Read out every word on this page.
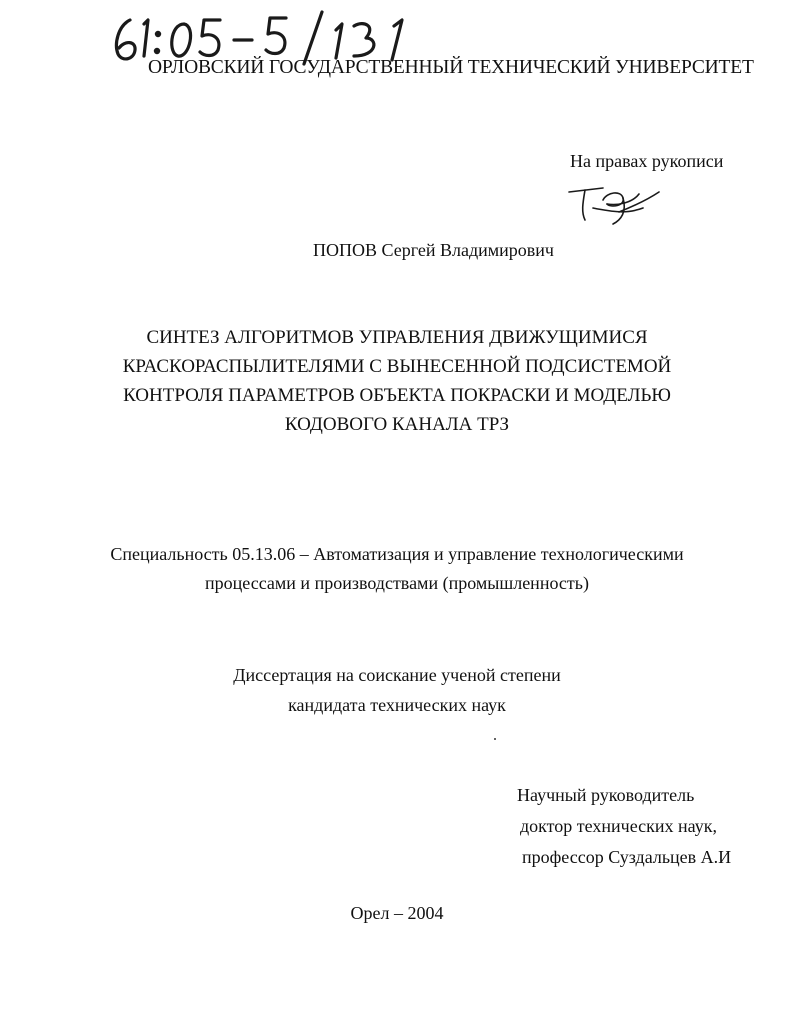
ОРЛОВСКИЙ ГОСУДАРСТВЕННЫЙ ТЕХНИЧЕСКИЙ УНИВЕРСИТЕТ
На правах рукописи
ПОПОВ Сергей Владимирович
СИНТЕЗ АЛГОРИТМОВ УПРАВЛЕНИЯ ДВИЖУЩИМИСЯ
КРАСКОРАСПЫЛИТЕЛЯМИ С ВЫНЕСЕННОЙ ПОДСИСТЕМОЙ
КОНТРОЛЯ ПАРАМЕТРОВ ОБЪЕКТА ПОКРАСКИ И МОДЕЛЬЮ
КОДОВОГО КАНАЛА ТРЗ
Специальность 05.13.06 – Автоматизация и управление технологическими
процессами и производствами (промышленность)
Диссертация на соискание ученой степени
кандидата технических наук
Научный руководитель
доктор технических наук,
профессор Суздальцев А.И
Орел – 2004
